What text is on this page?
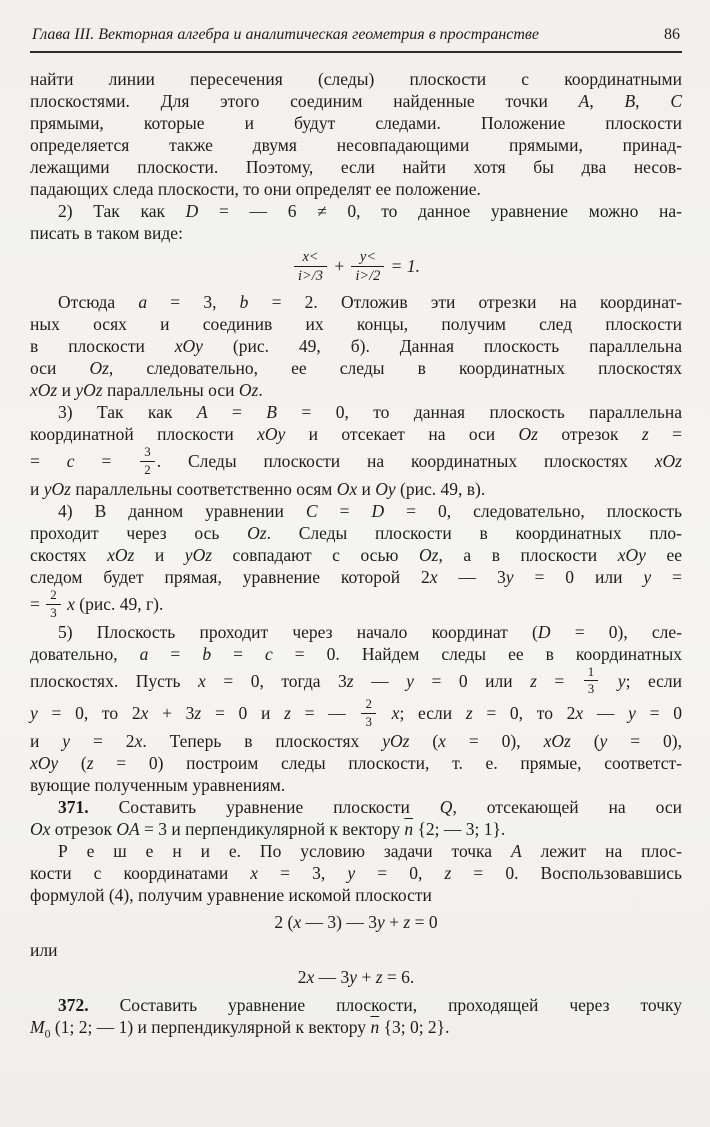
Глава III. Векторная алгебра и аналитическая геометрия в пространстве	86
найти линии пересечения (следы) плоскости с координатными
плоскостями. Для этого соединим найденные точки A, B, C
прямыми, которые и будут следами. Положение плоскости
определяется также двумя несовпадающими прямыми, принад-
лежащими плоскости. Поэтому, если найти хотя бы два несов-
падающих следа плоскости, то они определят ее положение.
2) Так как D = — 6 ≠ 0, то данное уравнение можно на-
писать в таком виде:
$\frac{x<}{i>/3} + \frac{y<}{i>/2} = 1$.
Отсюда a = 3, b = 2. Отложив эти отрезки на координат-
ных осях и соединив их концы, получим след плоскости
в плоскости xOy (рис. 49, б). Данная плоскость параллельна
оси Oz, следовательно, ее следы в координатных плоскостях
xOz и yOz параллельны оси Oz.
3) Так как A = B = 0, то данная плоскость параллельна
координатной плоскости xOy и отсекает на оси Oz отрезок z =
= $c = \frac{3}{2}$ . Следы плоскости на координатных плоскостях xOz
и yOz параллельны соответственно осям Ox и Oy (рис. 49, в).
4) В данном уравнении C = D = 0, следовательно, плоскость
проходит через ось Oz. Следы плоскости в координатных пло-
скостях xOz и yOz совпадают с осью Oz, а в плоскости xOy ее
следом будет прямая, уравнение которой 2x — 3y = 0 или y =
= $\frac{2}{3}$ x (рис. 49, г).
5) Плоскость проходит через начало координат (D = 0), сле-
довательно, a = b = c = 0. Найдем следы ее в координатных
плоскостях. Пусть x = 0, тогда 3z — y = 0 или $z = \frac{1}{3} y$; если
y = 0, то 2x + 3z = 0 и z = — $\frac{2}{3} x$; если z = 0, то 2x — y = 0
и y = 2x. Теперь в плоскостях yOz (x = 0), xOz (y = 0),
xOy (z = 0) построим следы плоскости, т. е. прямые, соответст-
вующие полученным уравнениям.
371. Составить уравнение плоскости Q, отсекающей на оси
Ox отрезок OA = 3 и перпендикулярной к вектору $\overline{n}$ {2; — 3; 1}.
Р е ш е н и е. По условию задачи точка A лежит на плос-
кости с координатами x = 3, y = 0, z = 0. Воспользовавшись
формулой (4), получим уравнение искомой плоскости
2 (x — 3) — 3y + z = 0
или
2x — 3y + z = 6.
372. Составить уравнение плоскости, проходящей через точку
$M_0$ (1; 2; — 1) и перпендикулярной к вектору $\overline{n}$ {3; 0; 2}.
